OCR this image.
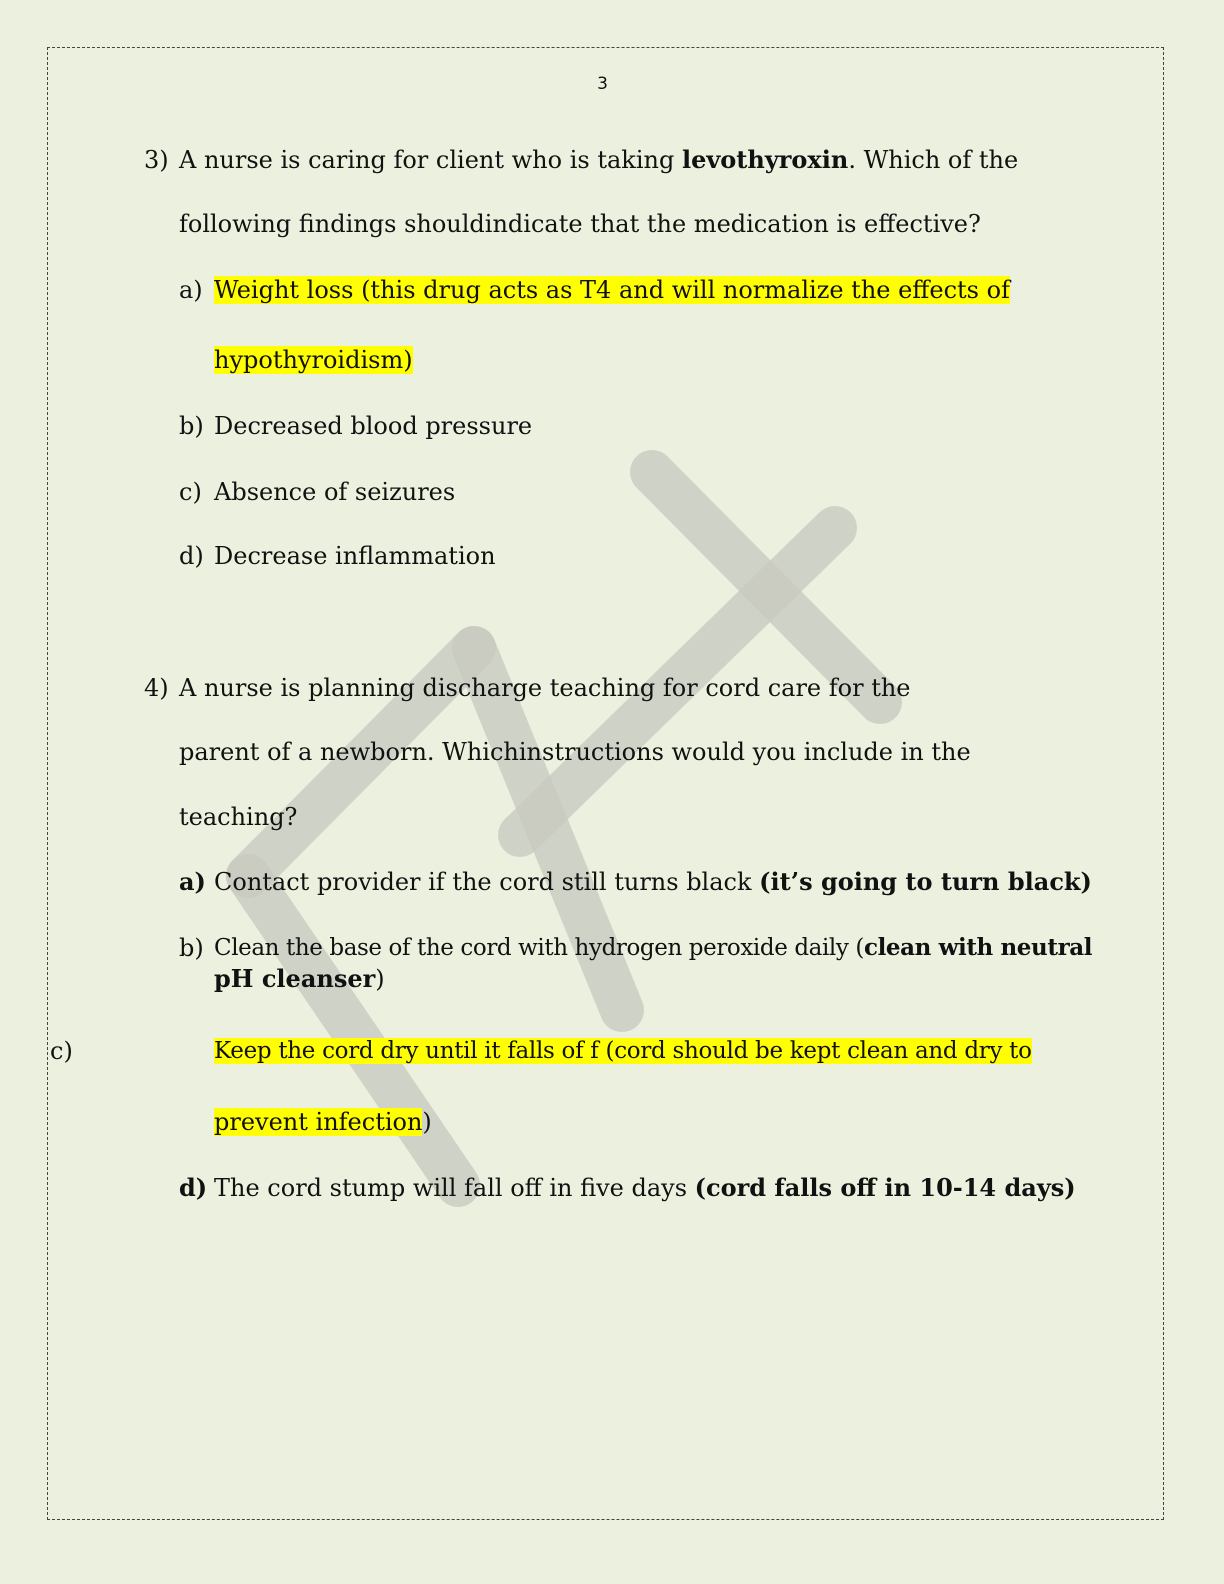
3
3) A nurse is caring for client who is taking levothyroxin. Which of the
following findings shouldindicate that the medication is effective?
a) Weight loss (this drug acts as T4 and will normalize the effects of
hypothyroidism)
b) Decreased blood pressure
c) Absence of seizures
d) Decrease inflammation
4) A nurse is planning discharge teaching for cord care for the
parent of a newborn. Whichinstructions would you include in the
teaching?
a) Contact provider if the cord still turns black (it’s going to turn black)
b) Clean the base of the cord with hydrogen peroxide daily (clean with neutral
pH cleanser)
c)	Keep the cord dry until it falls of f (cord should be kept clean and dry to
prevent infection)
d) The cord stump will fall off in five days (cord falls off in 10-14 days)
